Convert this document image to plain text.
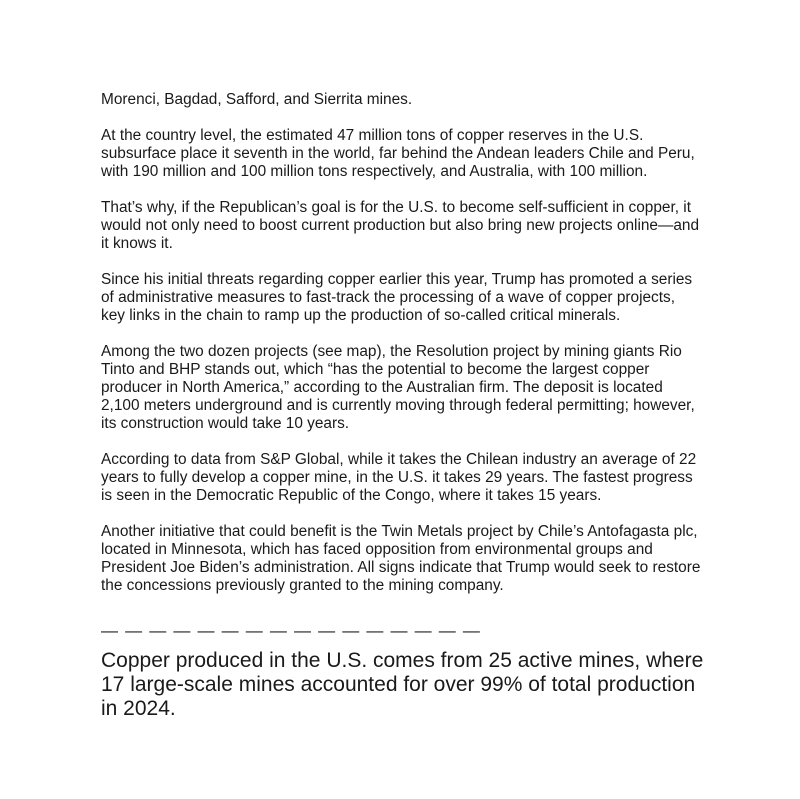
Morenci, Bagdad, Safford, and Sierrita mines.

At the country level, the estimated 47 million tons of copper reserves in the U.S.
subsurface place it seventh in the world, far behind the Andean leaders Chile and Peru,
with 190 million and 100 million tons respectively, and Australia, with 100 million.

That’s why, if the Republican’s goal is for the U.S. to become self-sufficient in copper, it
would not only need to boost current production but also bring new projects online—and
it knows it.

Since his initial threats regarding copper earlier this year, Trump has promoted a series
of administrative measures to fast-track the processing of a wave of copper projects,
key links in the chain to ramp up the production of so-called critical minerals.

Among the two dozen projects (see map), the Resolution project by mining giants Rio
Tinto and BHP stands out, which “has the potential to become the largest copper
producer in North America,” according to the Australian firm. The deposit is located
2,100 meters underground and is currently moving through federal permitting; however,
its construction would take 10 years.

According to data from S&P Global, while it takes the Chilean industry an average of 22
years to fully develop a copper mine, in the U.S. it takes 29 years. The fastest progress
is seen in the Democratic Republic of the Congo, where it takes 15 years.

Another initiative that could benefit is the Twin Metals project by Chile’s Antofagasta plc,
located in Minnesota, which has faced opposition from environmental groups and
President Joe Biden’s administration. All signs indicate that Trump would seek to restore
the concessions previously granted to the mining company.

— — — — — — — — — — — — — — — —
Copper produced in the U.S. comes from 25 active mines, where
17 large-scale mines accounted for over 99% of total production
in 2024.
